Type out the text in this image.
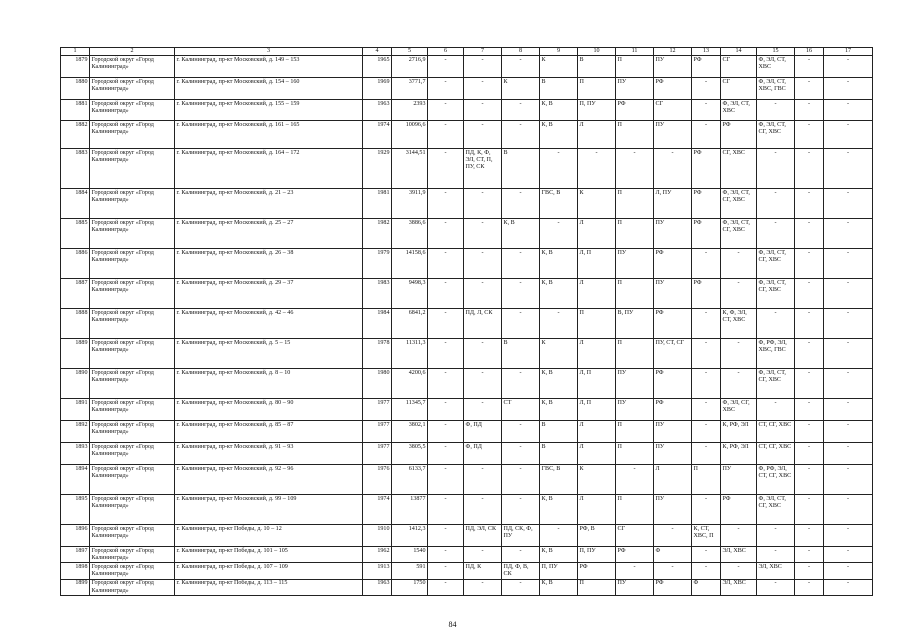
1	2	3	4	5	6	7	8	9	10	11	12	13	14	15	16	17
1879	Городской округ «Город Калининград»	г. Калининград, пр-кт Московский, д. 149 – 153	1965	2716,9	-	-	-	К	В	П	ПУ	РФ	СГ	Ф, ЭЛ, СТ, ХВС	-	-
1880	Городской округ «Город Калининград»	г. Калининград, пр-кт Московский, д. 154 – 160	1969	3771,7	-	-	К	В	П	ПУ	РФ	-	СГ	Ф, ЭЛ, СТ, ХВС, ГВС	-	-
1881	Городской округ «Город Калининград»	г. Калининград, пр-кт Московский, д. 155 – 159	1963	2393	-	-	-	К, В	П, ПУ	РФ	СГ	-	Ф, ЭЛ, СТ, ХВС	-	-	-
1882	Городской округ «Город Калининград»	г. Калининград, пр-кт Московский, д. 161 – 165	1974	10096,6	-	-	-	К, В	Л	П	ПУ	-	РФ	Ф, ЭЛ, СТ, СГ, ХВС	-	-
1883	Городской округ «Город Калининград»	г. Калининград, пр-кт Московский, д. 164 – 172	1929	3144,51	-	ПД, К, Ф, ЭЛ, СТ, П, ПУ, СК	В	-	-	-	-	РФ	СГ, ХВС	-	-	-
1884	Городской округ «Город Калининград»	г. Калининград, пр-кт Московский, д. 21 – 23	1981	3911,9	-	-	-	ГВС, В	К	П	Л, ПУ	РФ	Ф, ЭЛ, СТ, СГ, ХВС	-	-	-
1885	Городской округ «Город Калининград»	г. Калининград, пр-кт Московский, д. 25 – 27	1982	3886,6	-	-	К, В	-	Л	П	ПУ	РФ	Ф, ЭЛ, СТ, СГ, ХВС	-	-	-
1886	Городской округ «Город Калининград»	г. Калининград, пр-кт Московский, д. 26 – 38	1979	14158,6	-	-	-	К, В	Л, П	ПУ	РФ	-	-	Ф, ЭЛ, СТ, СГ, ХВС	-	-
1887	Городской округ «Город Калининград»	г. Калининград, пр-кт Московский, д. 29 – 37	1983	9498,3	-	-	-	К, В	Л	П	ПУ	РФ	-	Ф, ЭЛ, СТ, СГ, ХВС	-	-
1888	Городской округ «Город Калининград»	г. Калининград, пр-кт Московский, д. 42 – 46	1984	6841,2	-	ПД, Л, СК	-	-	П	В, ПУ	РФ	-	К, Ф, ЭЛ, СТ, ХВС	-	-	-
1889	Городской округ «Город Калининград»	г. Калининград, пр-кт Московский, д. 5 – 15	1978	11311,3	-	-	В	К	Л	П	ПУ, СТ, СГ	-	-	Ф, РФ, ЭЛ, ХВС, ГВС	-	-
1890	Городской округ «Город Калининград»	г. Калининград, пр-кт Московский, д. 8 – 10	1980	4200,6	-	-	-	К, В	Л, П	ПУ	РФ	-	-	Ф, ЭЛ, СТ, СГ, ХВС	-	-
1891	Городской округ «Город Калининград»	г. Калининград, пр-кт Московский, д. 80 – 90	1977	11345,7	-	-	СТ	К, В	Л, П	ПУ	РФ	-	Ф, ЭЛ, СГ, ХВС	-	-	-
1892	Городской округ «Город Калининград»	г. Калининград, пр-кт Московский, д. 85 – 87	1977	3802,1	-	Ф, ПД	-	В	Л	П	ПУ	-	К, РФ, ЭЛ	СТ, СГ, ХВС	-	-
1893	Городской округ «Город Калининград»	г. Калининград, пр-кт Московский, д. 91 – 93	1977	3805,5	-	Ф, ПД	-	В	Л	П	ПУ	-	К, РФ, ЭЛ	СТ, СГ, ХВС	-	-
1894	Городской округ «Город Калининград»	г. Калининград, пр-кт Московский, д. 92 – 96	1976	6133,7	-	-	-	ГВС, В	К	-	Л	П	ПУ	Ф, РФ, ЭЛ, СТ, СГ, ХВС	-	-
1895	Городской округ «Город Калининград»	г. Калининград, пр-кт Московский, д. 99 – 109	1974	13877	-	-	-	К, В	Л	П	ПУ	-	РФ	Ф, ЭЛ, СТ, СГ, ХВС	-	-
1896	Городской округ «Город Калининград»	г. Калининград, пр-кт Победы, д. 10 – 12	1910	1412,3	-	ПД, ЭЛ, СК	ПД, СК, Ф, ПУ	-	РФ, В	СГ	-	К, СТ, ХВС, П	-	-	-	-
1897	Городской округ «Город Калининград»	г. Калининград, пр-кт Победы, д. 101 – 105	1962	1540	-	-	-	К, В	П, ПУ	РФ	Ф	-	ЭЛ, ХВС	-	-	-
1898	Городской округ «Город Калининград»	г. Калининград, пр-кт Победы, д. 107 – 109	1913	591	-	ПД, К	ПД, Ф, В, СК	П, ПУ	РФ	-	-	-	-	ЭЛ, ХВС	-	-
1899	Городской округ «Город Калининград»	г. Калининград, пр-кт Победы, д. 113 – 115	1963	1750	-	-	-	К, В	П	ПУ	РФ	Ф	ЭЛ, ХВС	-	-	-
84
